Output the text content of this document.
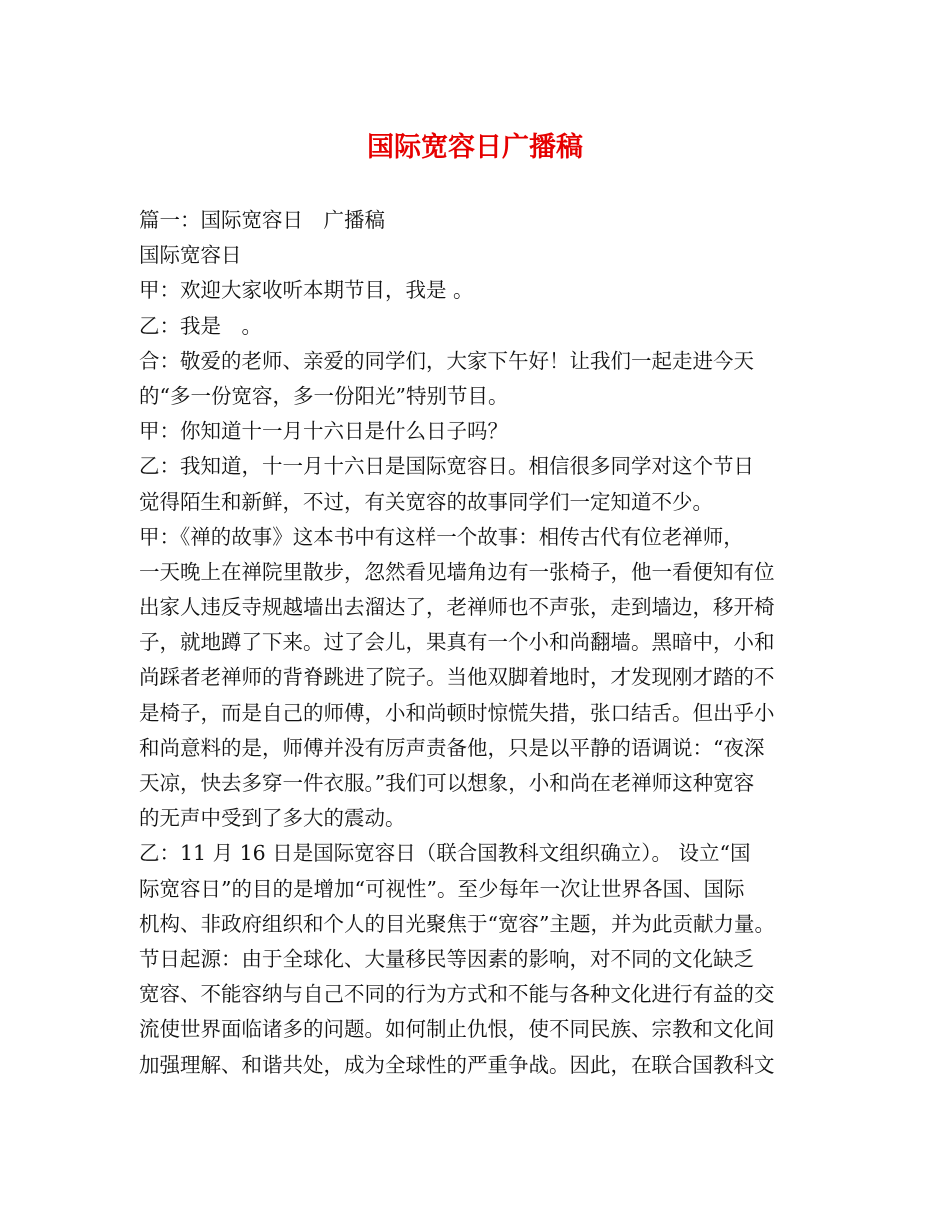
国际宽容日广播稿
篇一：国际宽容日　广播稿
国际宽容日
甲：欢迎大家收听本期节目，我是 。
乙：我是　。
合：敬爱的老师、亲爱的同学们，大家下午好！让我们一起走进今天
的“多一份宽容，多一份阳光”特别节目。
甲：你知道十一月十六日是什么日子吗？
乙：我知道，十一月十六日是国际宽容日。相信很多同学对这个节日
觉得陌生和新鲜，不过，有关宽容的故事同学们一定知道不少。
甲：《禅的故事》这本书中有这样一个故事：相传古代有位老禅师，
一天晚上在禅院里散步，忽然看见墙角边有一张椅子，他一看便知有位
出家人违反寺规越墙出去溜达了，老禅师也不声张，走到墙边，移开椅
子，就地蹲了下来。过了会儿，果真有一个小和尚翻墙。黑暗中，小和
尚踩者老禅师的背脊跳进了院子。当他双脚着地时，才发现刚才踏的不
是椅子，而是自己的师傅，小和尚顿时惊慌失措，张口结舌。但出乎小
和尚意料的是，师傅并没有厉声责备他，只是以平静的语调说：“夜深
天凉，快去多穿一件衣服。”我们可以想象，小和尚在老禅师这种宽容
的无声中受到了多大的震动。
乙：11 月 16 日是国际宽容日（联合国教科文组织确立）。 设立“国
际宽容日”的目的是增加“可视性”。至少每年一次让世界各国、国际
机构、非政府组织和个人的目光聚焦于“宽容”主题，并为此贡献力量。
节日起源：由于全球化、大量移民等因素的影响，对不同的文化缺乏
宽容、不能容纳与自己不同的行为方式和不能与各种文化进行有益的交
流使世界面临诸多的问题。如何制止仇恨，使不同民族、宗教和文化间
加强理解、和谐共处，成为全球性的严重争战。因此，在联合国教科文
